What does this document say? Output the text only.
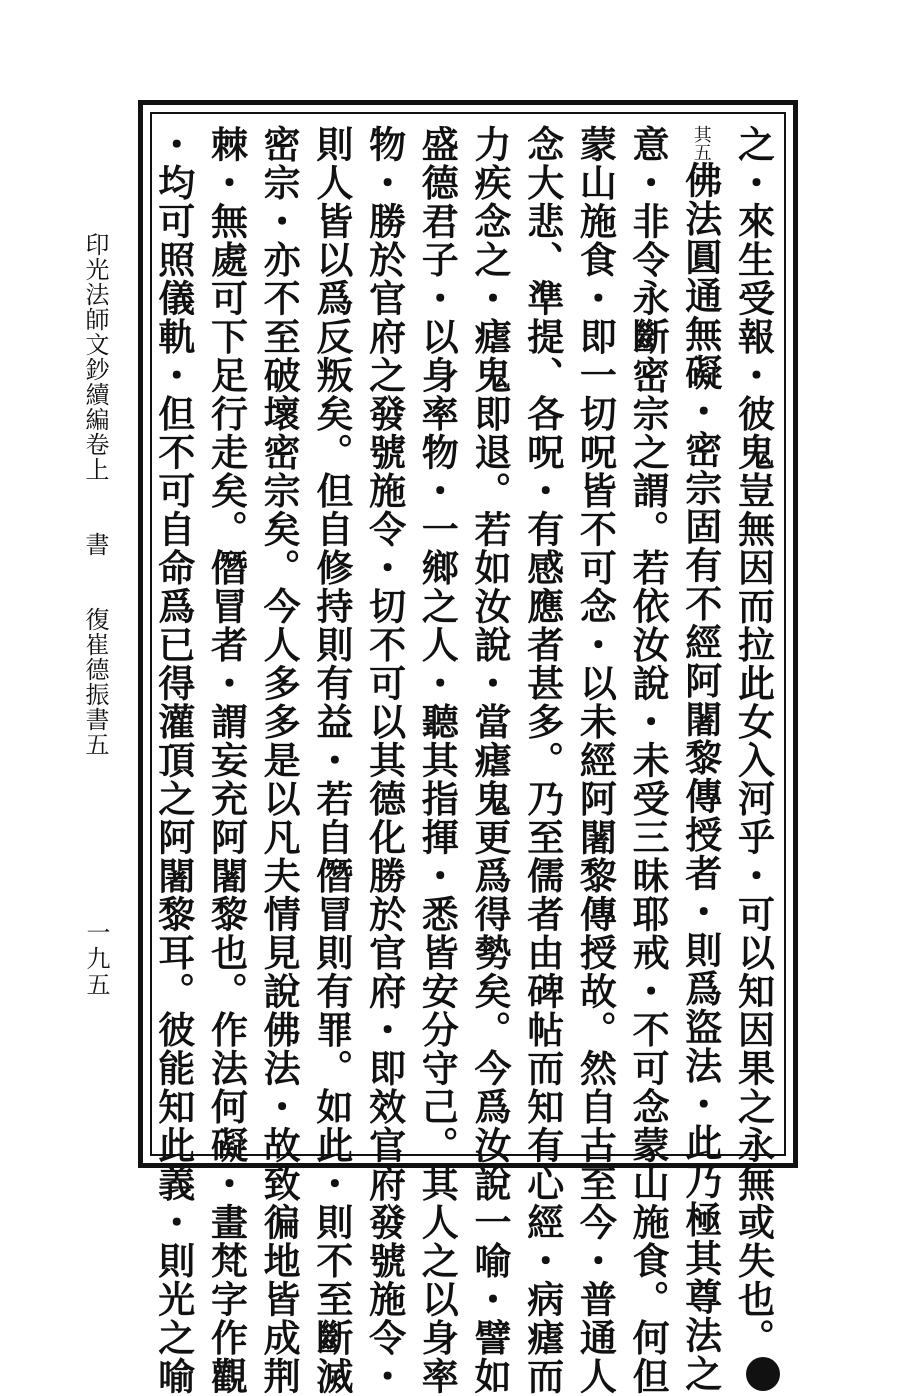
印光法師文鈔續編卷上　　書　　復崔德振書五
一九五	之・來生受報・彼鬼豈無因而拉此女入河乎・可以知因果之永無或失也。
其五佛法圓通無礙・密宗固有不經阿闍黎傳授者・則爲盜法・此乃極其尊法之
意・非令永斷密宗之謂。若依汝說・未受三昧耶戒・不可念蒙山施食。何但
蒙山施食・即一切呪皆不可念・以未經阿闍黎傳授故。然自古至今・普通人
念大悲、準提、各呪・有感應者甚多。乃至儒者由碑帖而知有心經・病瘧而
力疾念之・瘧鬼即退。若如汝說・當瘧鬼更爲得勢矣。今爲汝說一喻・譬如
盛德君子・以身率物・一鄉之人・聽其指揮・悉皆安分守己。其人之以身率
物・勝於官府之發號施令・切不可以其德化勝於官府・即效官府發號施令・
則人皆以爲反叛矣。但自修持則有益・若自僭冒則有罪。如此・則不至斷滅
密宗・亦不至破壞密宗矣。今人多多是以凡夫情見說佛法・故致徧地皆成荆
棘・無處可下足行走矣。僭冒者・謂妄充阿闍黎也。作法何礙・畫梵字作觀
・均可照儀軌・但不可自命爲已得灌頂之阿闍黎耳。彼能知此義・則光之喻
